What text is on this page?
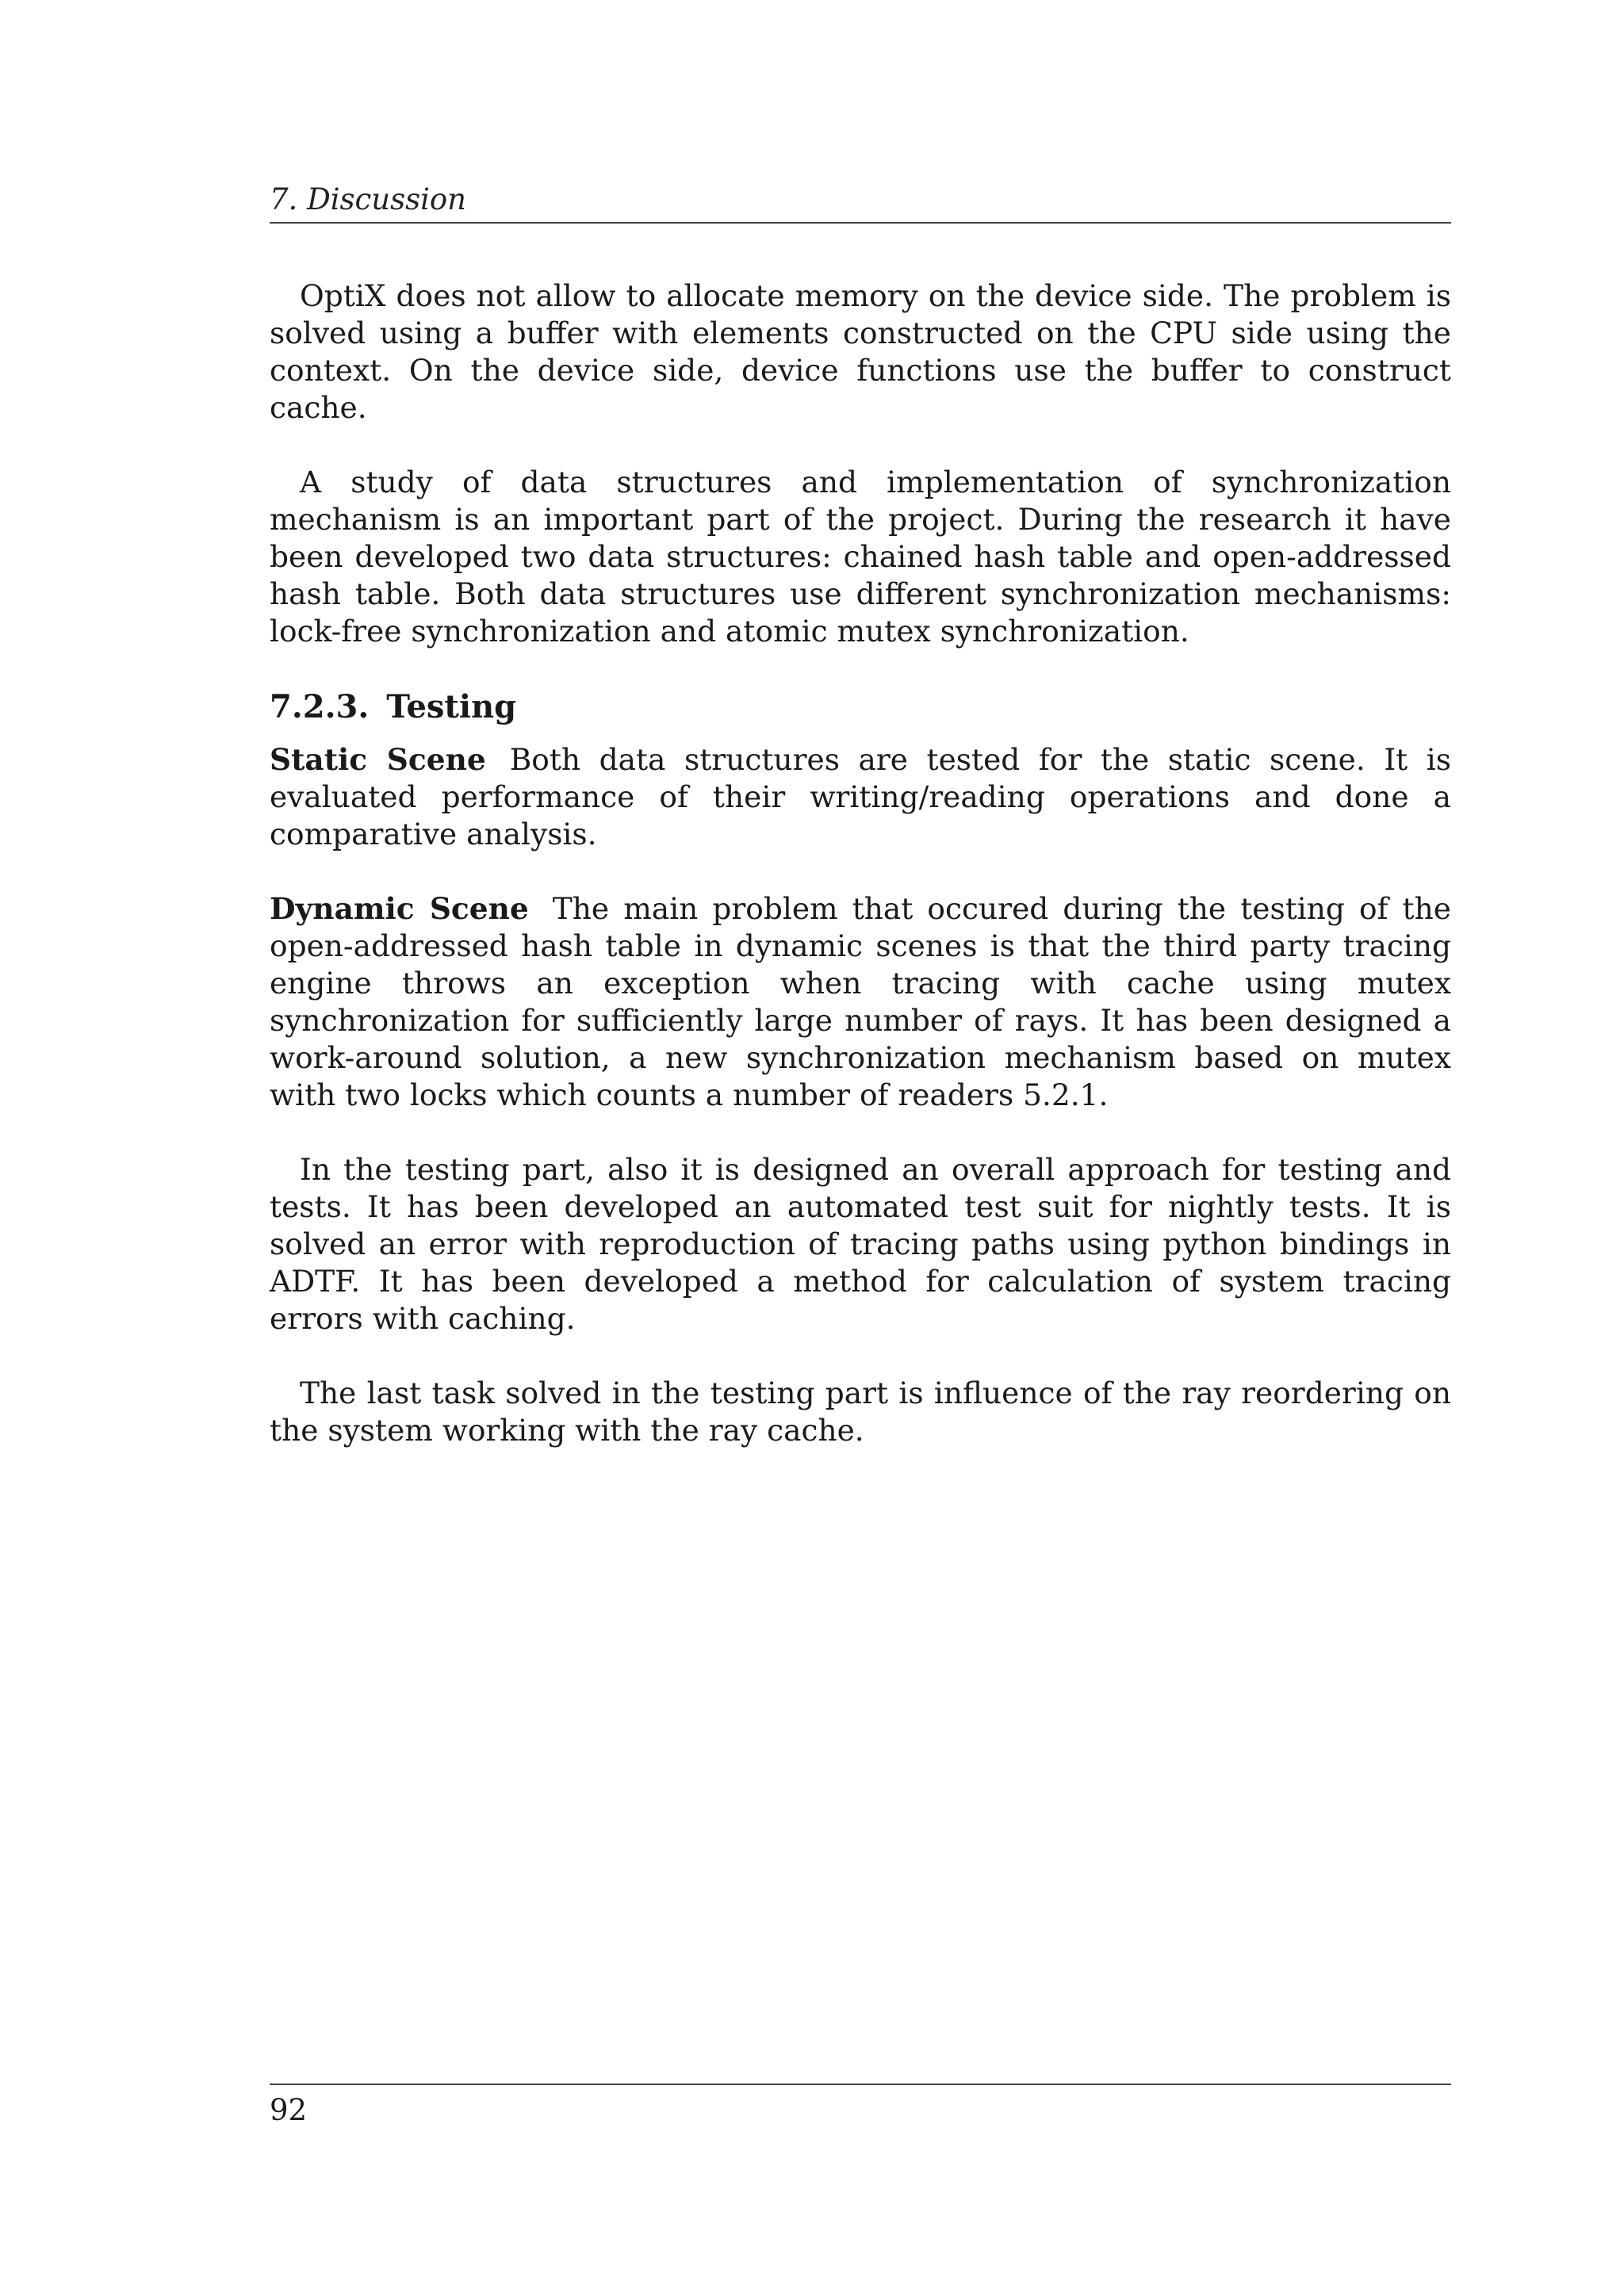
7. Discussion

OptiX does not allow to allocate memory on the device side. The problem is solved using a buffer with elements constructed on the CPU side using the context. On the device side, device functions use the buffer to construct cache.

A study of data structures and implementation of synchronization mechanism is an important part of the project. During the research it have been developed two data structures: chained hash table and open-addressed hash table. Both data structures use different synchronization mechanisms: lock-free synchronization and atomic mutex synchronization.

7.2.3. Testing

Static Scene Both data structures are tested for the static scene. It is evaluated performance of their writing/reading operations and done a comparative analysis.

Dynamic Scene The main problem that occured during the testing of the open-addressed hash table in dynamic scenes is that the third party tracing engine throws an exception when tracing with cache using mutex synchronization for sufficiently large number of rays. It has been designed a work-around solution, a new synchronization mechanism based on mutex with two locks which counts a number of readers 5.2.1.

In the testing part, also it is designed an overall approach for testing and tests. It has been developed an automated test suit for nightly tests. It is solved an error with reproduction of tracing paths using python bindings in ADTF. It has been developed a method for calculation of system tracing errors with caching.

The last task solved in the testing part is influence of the ray reordering on the system working with the ray cache.

92
